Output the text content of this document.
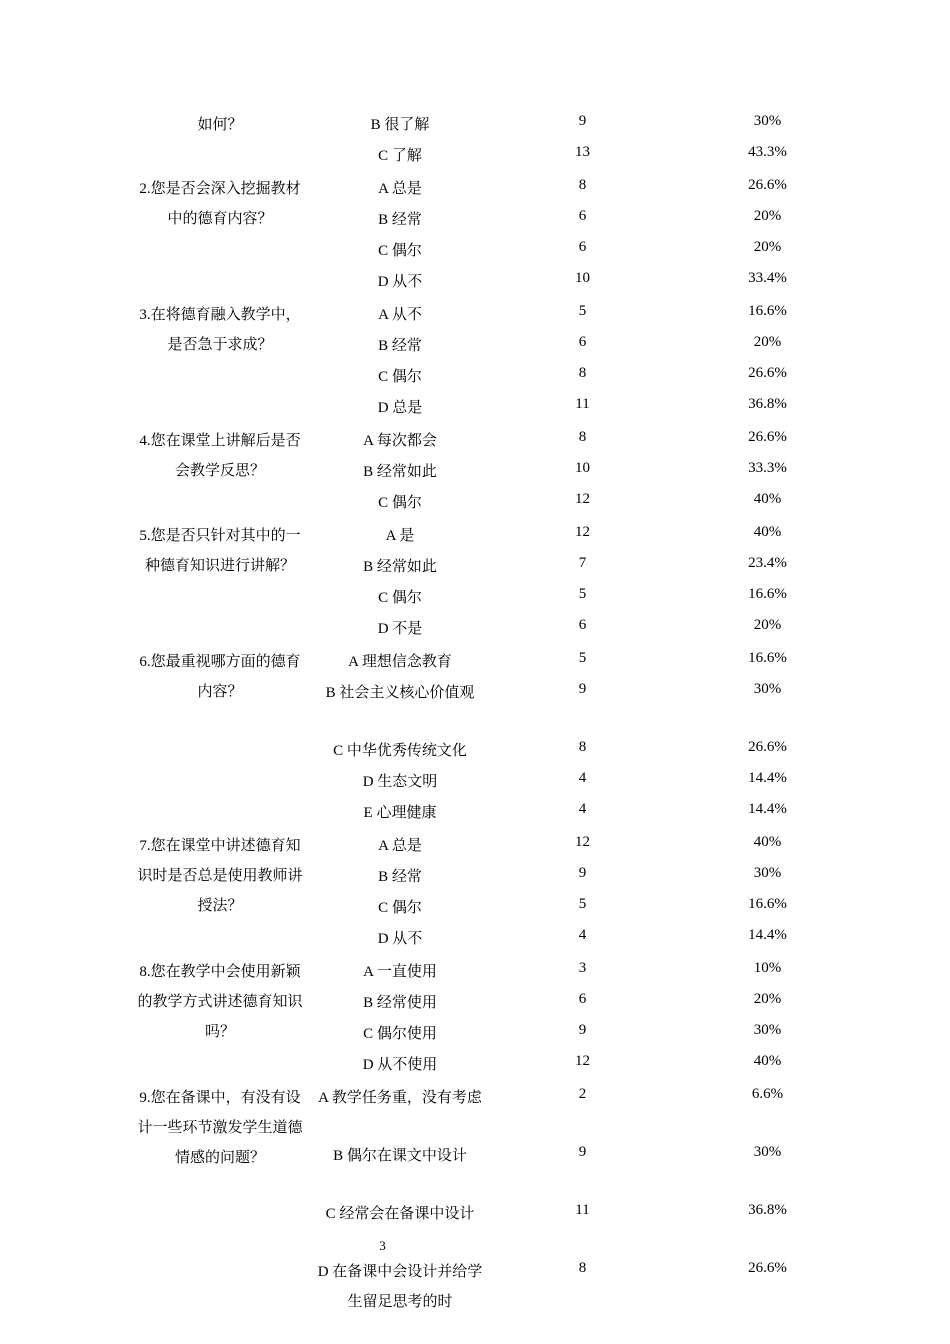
如何？	B 很了解
C 了解
9
13
30%
43.3%
2.您是否会深入挖掘教材中的德育内容？
A 总是
B 经常
C 偶尔
D 从不
8
6
6
10
26.6%
20%
20%
33.4%
3.在将德育融入教学中，是否急于求成？
A 从不
B 经常
C 偶尔
D 总是
5
6
8
11
16.6%
20%
26.6%
36.8%
4.您在课堂上讲解后是否会教学反思？
A 每次都会
B 经常如此
C 偶尔
8
10
12
26.6%
33.3%
40%
5.您是否只针对其中的一种德育知识进行讲解？
A 是
B 经常如此
C 偶尔
D 不是
12
7
5
6
40%
23.4%
16.6%
20%
6.您最重视哪方面的德育内容？
A 理想信念教育
B 社会主义核心价值观
C 中华优秀传统文化
D 生态文明
E 心理健康
5
9
8
4
4
16.6%
30%
26.6%
14.4%
14.4%
7.您在课堂中讲述德育知识时是否总是使用教师讲授法？
A 总是
B 经常
C 偶尔
D 从不
12
9
5
4
40%
30%
16.6%
14.4%
8.您在教学中会使用新颖的教学方式讲述德育知识吗？
A 一直使用
B 经常使用
C 偶尔使用
D 从不使用
3
6
9
12
10%
20%
30%
40%
9.您在备课中，有没有设计一些环节激发学生道德情感的问题？
A 教学任务重，没有考虑
B 偶尔在课文中设计
C 经常会在备课中设计
D 在备课中会设计并给学生留足思考的时
2
9
11
8
6.6%
30%
36.8%
26.6%
3
